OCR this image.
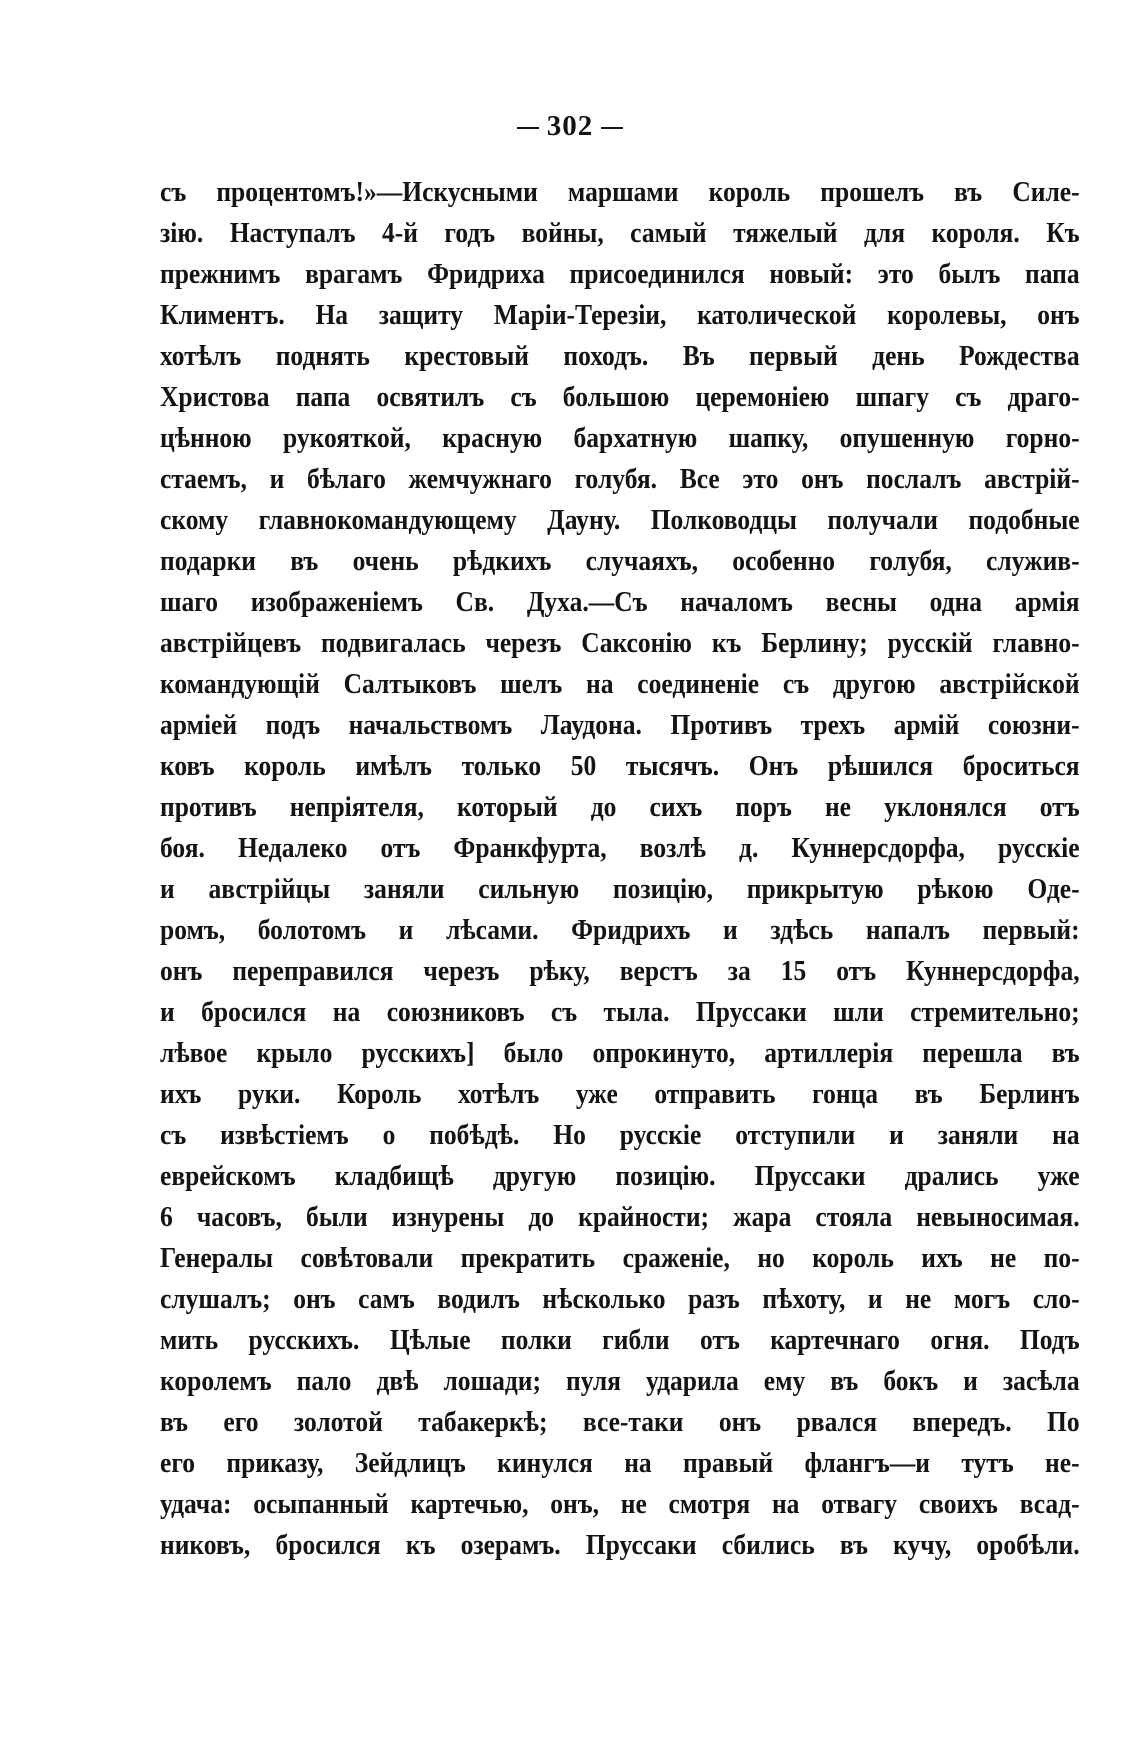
302
съ процентомъ!»—Искусными маршами король прошелъ въ Силе-
зію. Наступалъ 4-й годъ войны, самый тяжелый для короля. Къ
прежнимъ врагамъ Фридриха присоединился новый: это былъ папа
Климентъ. На защиту Маріи-Терезіи, католической королевы, онъ
хотѣлъ поднять крестовый походъ. Въ первый день Рождества
Христова папа освятилъ съ большою церемоніею шпагу съ драго-
цѣнною рукояткой, красную бархатную шапку, опушенную горно-
стаемъ, и бѣлаго жемчужнаго голубя. Все это онъ послалъ австрій-
скому главнокомандующему Дауну. Полководцы получали подобные
подарки въ очень рѣдкихъ случаяхъ, особенно голубя, служив-
шаго изображеніемъ Св. Духа.—Съ началомъ весны одна армія
австрійцевъ подвигалась черезъ Саксонію къ Берлину; русскій главно-
командующій Салтыковъ шелъ на соединеніе съ другою австрійской
арміей подъ начальствомъ Лаудона. Противъ трехъ армій союзни-
ковъ король имѣлъ только 50 тысячъ. Онъ рѣшился броситься
противъ непріятеля, который до сихъ поръ не уклонялся отъ
боя. Недалеко отъ Франкфурта, возлѣ д. Куннерсдорфа, русскіе
и австрійцы заняли сильную позицію, прикрытую рѣкою Оде-
ромъ, болотомъ и лѣсами. Фридрихъ и здѣсь напалъ первый:
онъ переправился черезъ рѣку, верстъ за 15 отъ Куннерсдорфа,
и бросился на союзниковъ съ тыла. Пруссаки шли стремительно;
лѣвое крыло русскихъ] было опрокинуто, артиллерія перешла въ
ихъ руки. Король хотѣлъ уже отправить гонца въ Берлинъ
съ извѣстіемъ о побѣдѣ. Но русскіе отступили и заняли на
еврейскомъ кладбищѣ другую позицію. Пруссаки дрались уже
6 часовъ, были изнурены до крайности; жара стояла невыносимая.
Генералы совѣтовали прекратить сраженіе, но король ихъ не по-
слушалъ; онъ самъ водилъ нѣсколько разъ пѣхоту, и не могъ сло-
мить русскихъ. Цѣлые полки гибли отъ картечнаго огня. Подъ
королемъ пало двѣ лошади; пуля ударила ему въ бокъ и засѣла
въ его золотой табакеркѣ; все-таки онъ рвался впередъ. По
его приказу, Зейдлицъ кинулся на правый флангъ—и тутъ не-
удача: осыпанный картечью, онъ, не смотря на отвагу своихъ всад-
никовъ, бросился къ озерамъ. Пруссаки сбились въ кучу, оробѣли.
